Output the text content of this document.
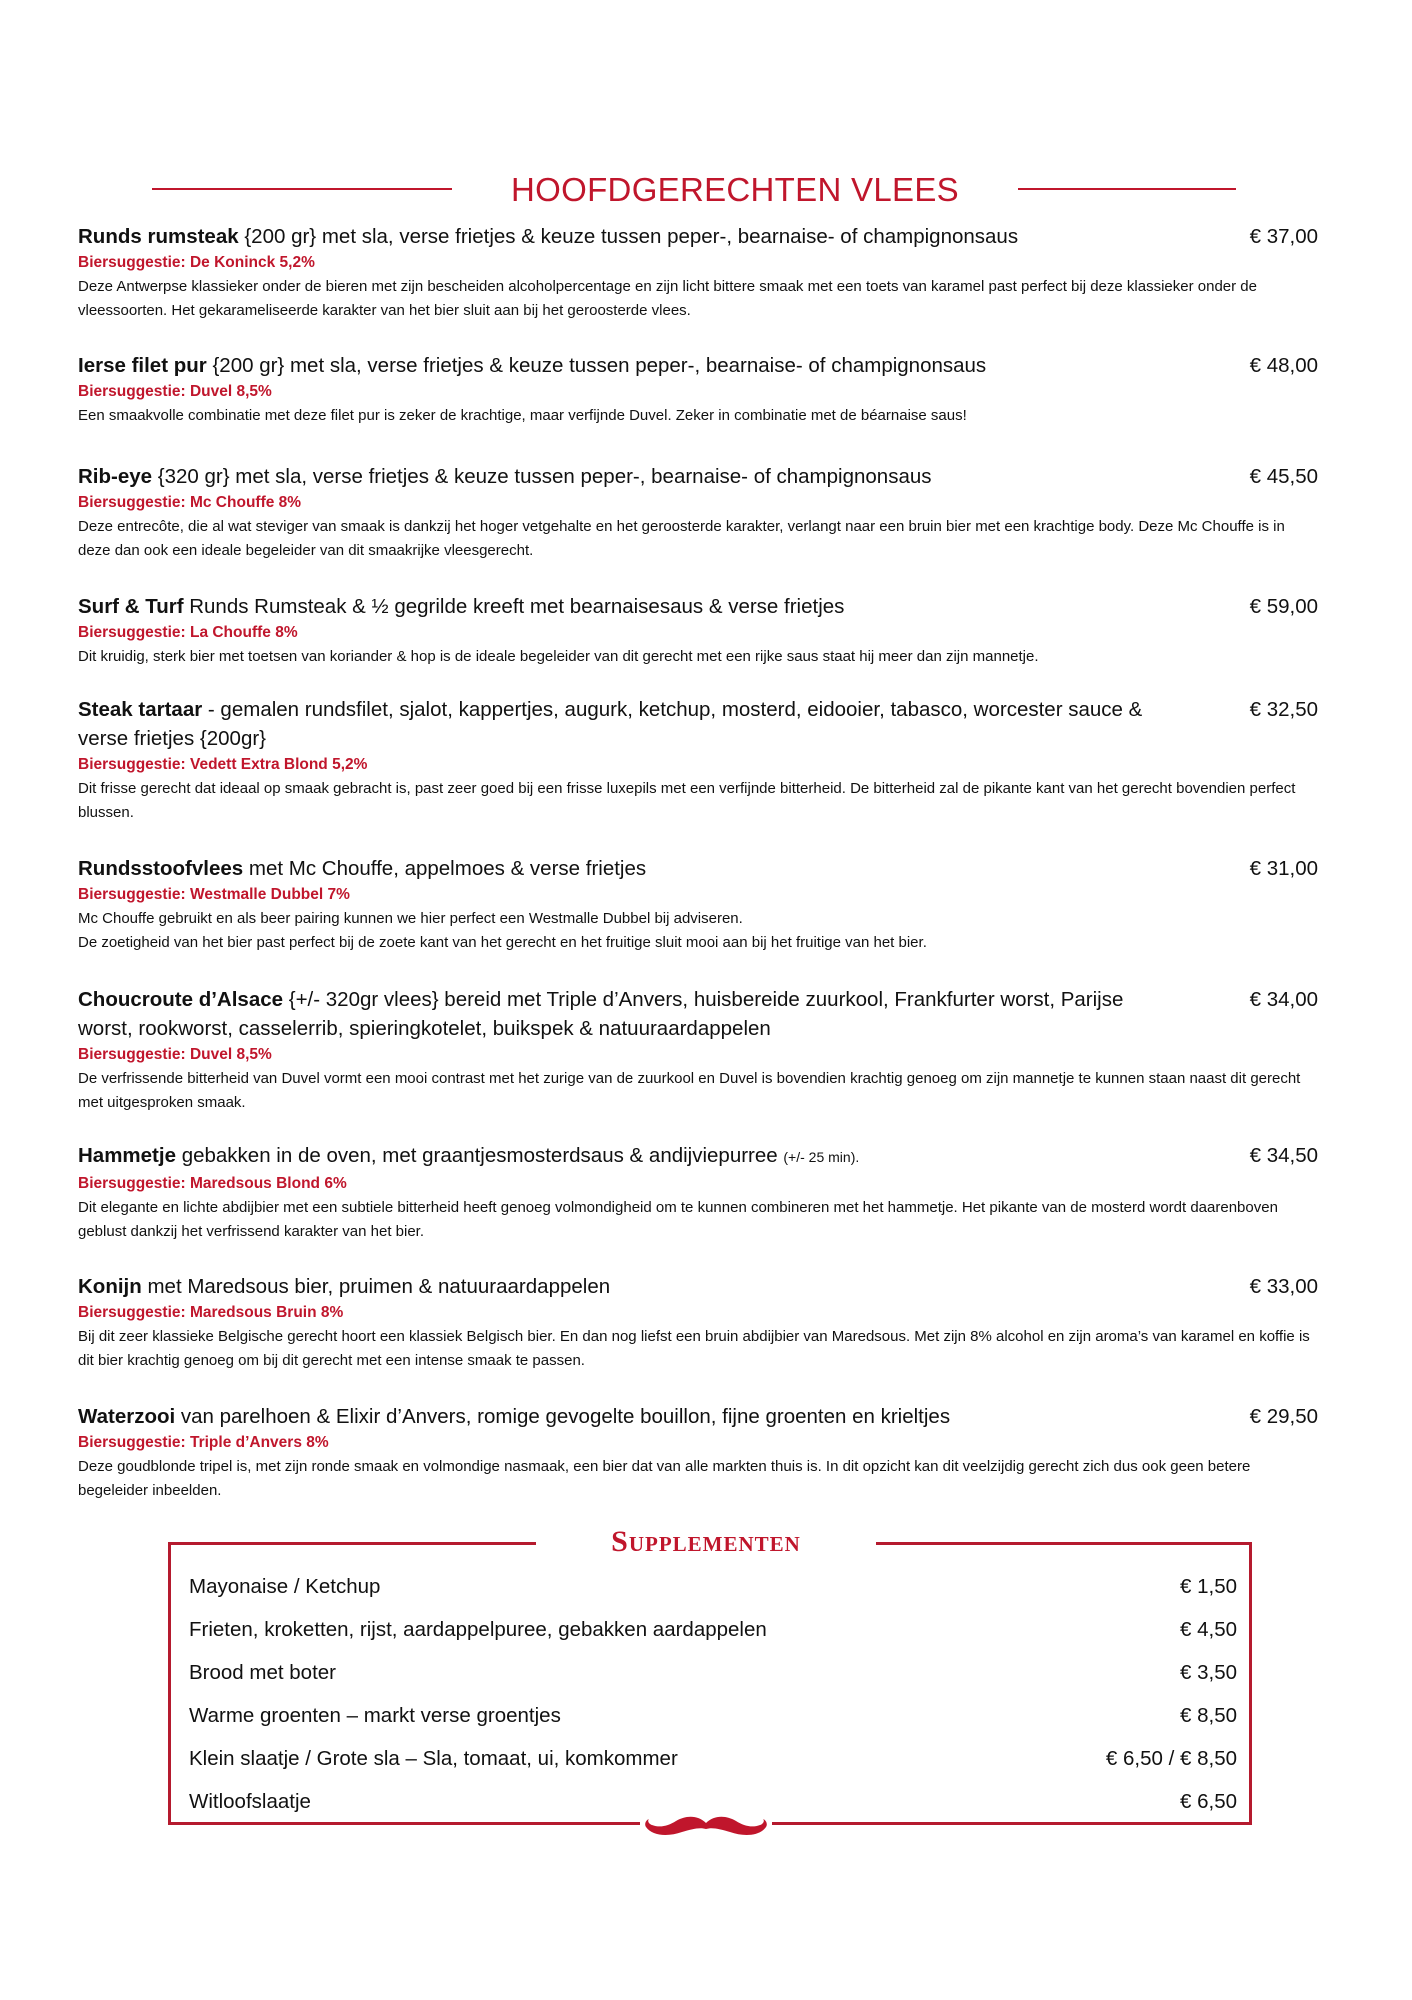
HOOFDGERECHTEN VLEES
Runds rumsteak {200 gr} met sla, verse frietjes & keuze tussen peper-, bearnaise- of champignonsaus	€ 37,00
Biersuggestie: De Koninck 5,2%
Deze Antwerpse klassieker onder de bieren met zijn bescheiden alcoholpercentage en zijn licht bittere smaak met een toets van karamel past perfect bij deze klassieker onder de vleessoorten. Het gekarameliseerde karakter van het bier sluit aan bij het geroosterde vlees.
Ierse filet pur {200 gr} met sla, verse frietjes & keuze tussen peper-, bearnaise- of champignonsaus	€ 48,00
Biersuggestie: Duvel 8,5%
Een smaakvolle combinatie met deze filet pur is zeker de krachtige, maar verfijnde Duvel. Zeker in combinatie met de béarnaise saus!
Rib-eye {320 gr} met sla, verse frietjes & keuze tussen peper-, bearnaise- of champignonsaus	€ 45,50
Biersuggestie: Mc Chouffe 8%
Deze entrecôte, die al wat steviger van smaak is dankzij het hoger vetgehalte en het geroosterde karakter, verlangt naar een bruin bier met een krachtige body. Deze Mc Chouffe is in deze dan ook een ideale begeleider van dit smaakrijke vleesgerecht.
Surf & Turf Runds Rumsteak & ½ gegrilde kreeft met bearnaisesaus & verse frietjes	€ 59,00
Biersuggestie: La Chouffe 8%
Dit kruidig, sterk bier met toetsen van koriander & hop is de ideale begeleider van dit gerecht met een rijke saus staat hij meer dan zijn mannetje.
Steak tartaar - gemalen rundsfilet, sjalot, kappertjes, augurk, ketchup, mosterd, eidooier, tabasco, worcester sauce & verse frietjes {200gr}
€ 32,50
Biersuggestie: Vedett Extra Blond 5,2%
Dit frisse gerecht dat ideaal op smaak gebracht is, past zeer goed bij een frisse luxepils met een verfijnde bitterheid. De bitterheid zal de pikante kant van het gerecht bovendien perfect blussen.
Rundsstoofvlees met Mc Chouffe, appelmoes & verse frietjes	€ 31,00
Biersuggestie: Westmalle Dubbel 7%
Mc Chouffe gebruikt en als beer pairing kunnen we hier perfect een Westmalle Dubbel bij adviseren.
De zoetigheid van het bier past perfect bij de zoete kant van het gerecht en het fruitige sluit mooi aan bij het fruitige van het bier.
Choucroute d’Alsace {+/- 320gr vlees} bereid met Triple d’Anvers, huisbereide zuurkool, Frankfurter worst, Parijse worst, rookworst, casselerrib, spieringkotelet, buikspek & natuuraardappelen
€ 34,00
Biersuggestie: Duvel 8,5%
De verfrissende bitterheid van Duvel vormt een mooi contrast met het zurige van de zuurkool en Duvel is bovendien krachtig genoeg om zijn mannetje te kunnen staan naast dit gerecht met uitgesproken smaak.
Hammetje gebakken in de oven, met graantjesmosterdsaus & andijviepurree (+/- 25 min).	€ 34,50
Biersuggestie: Maredsous Blond 6%
Dit elegante en lichte abdijbier met een subtiele bitterheid heeft genoeg volmondigheid om te kunnen combineren met het hammetje. Het pikante van de mosterd wordt daarenboven geblust dankzij het verfrissend karakter van het bier.
Konijn met Maredsous bier, pruimen & natuuraardappelen	€ 33,00
Biersuggestie: Maredsous Bruin 8%
Bij dit zeer klassieke Belgische gerecht hoort een klassiek Belgisch bier. En dan nog liefst een bruin abdijbier van Maredsous. Met zijn 8% alcohol en zijn aroma’s van karamel en koffie is dit bier krachtig genoeg om bij dit gerecht met een intense smaak te passen.
Waterzooi van parelhoen & Elixir d’Anvers, romige gevogelte bouillon, fijne groenten en krieltjes	€ 29,50
Biersuggestie: Triple d’Anvers 8%
Deze goudblonde tripel is, met zijn ronde smaak en volmondige nasmaak, een bier dat van alle markten thuis is. In dit opzicht kan dit veelzijdig gerecht zich dus ook geen betere begeleider inbeelden.
Mayonaise / Ketchup	€ 1,50
Frieten, kroketten, rijst, aardappelpuree, gebakken aardappelen	€ 4,50
Brood met boter	€ 3,50
Warme groenten – markt verse groentjes	€ 8,50
Klein slaatje / Grote sla – Sla, tomaat, ui, komkommer	€ 6,50 / € 8,50
Witloofslaatje	€ 6,50
Supplementen
